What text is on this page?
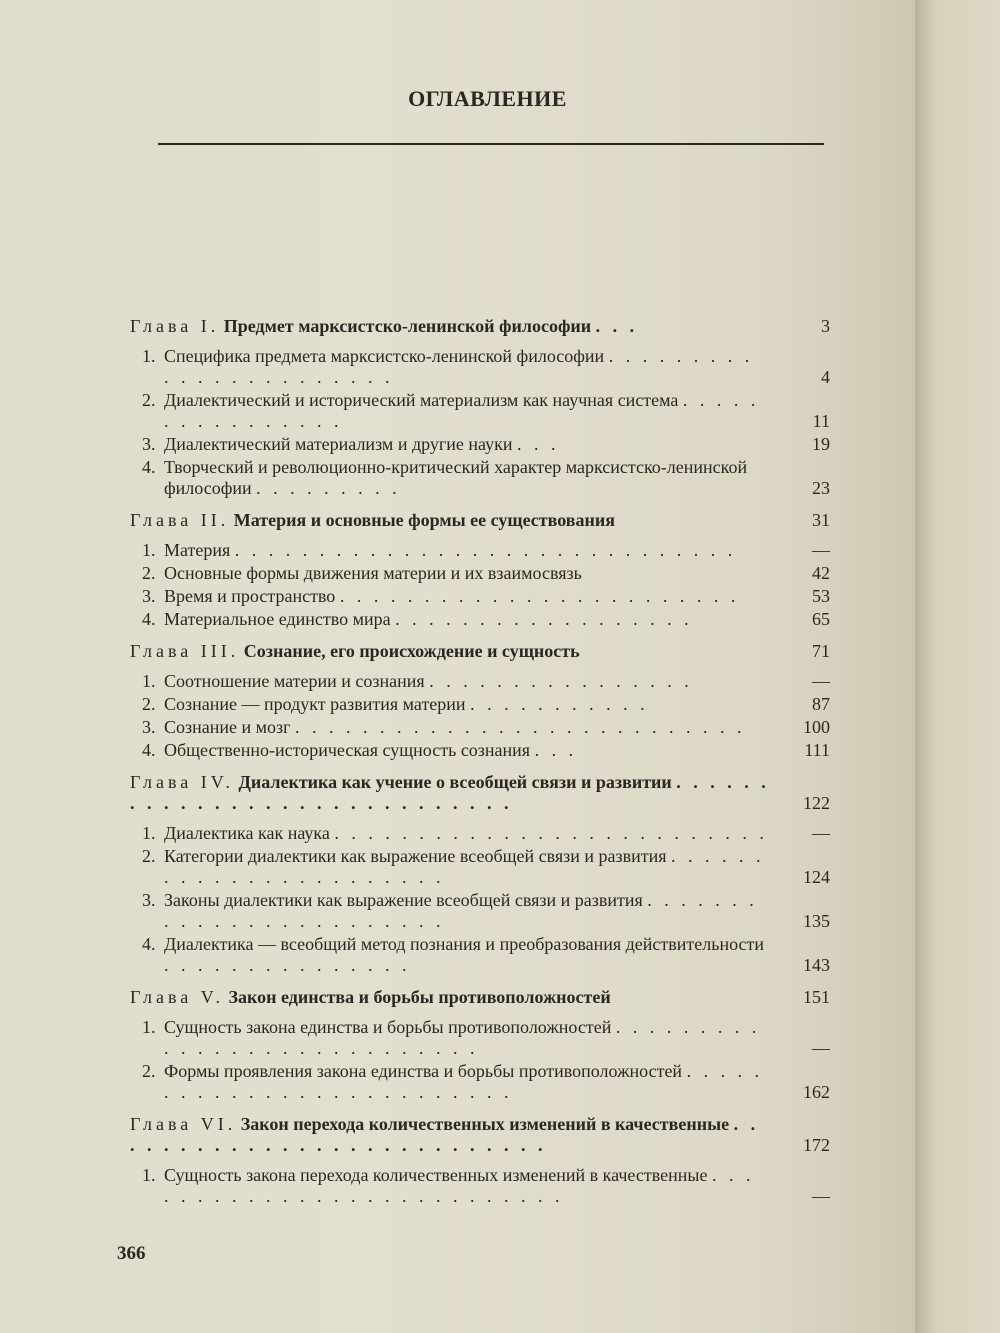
ОГЛАВЛЕНИЕ
Глава I. Предмет марксистско-ленинской философии . . .	3
1. Специфика предмета марксистско-ленинской философии . . . . . . . . . . . . . . . . . . . . . . .	4
2. Диалектический и исторический материализм как научная система . . . . . . . . . . . . . . . .	11
3. Диалектический материализм и другие науки . . .	19
4. Творческий и революционно-критический характер марксистско-ленинской философии . . . . . . . . .	23
Глава II. Материя и основные формы ее существования	31
1. Материя . . . . . . . . . . . . . . . . . . . . . . . . . . . . . .	—
2. Основные формы движения материи и их взаимосвязь	42
3. Время и пространство . . . . . . . . . . . . . . . . . . . . . . . .	53
4. Материальное единство мира . . . . . . . . . . . . . . . . . .	65
Глава III. Сознание, его происхождение и сущность	71
1. Соотношение материи и сознания . . . . . . . . . . . . . . . .	—
2. Сознание — продукт развития материи . . . . . . . . . . .	87
3. Сознание и мозг . . . . . . . . . . . . . . . . . . . . . . . . . . .	100
4. Общественно-историческая сущность сознания . . .	111
Глава IV. Диалектика как учение о всеобщей связи и развитии . . . . . . . . . . . . . . . . . . . . . . . . . . . . .	122
1. Диалектика как наука . . . . . . . . . . . . . . . . . . . . . . . . . .	—
2. Категории диалектики как выражение всеобщей связи и развития . . . . . . . . . . . . . . . . . . . . . . .	124
3. Законы диалектики как выражение всеобщей связи и развития . . . . . . . . . . . . . . . . . . . . . . . .	135
4. Диалектика — всеобщий метод познания и преобразования действительности . . . . . . . . . . . . . . .	143
Глава V. Закон единства и борьбы противоположностей	151
1. Сущность закона единства и борьбы противоположностей . . . . . . . . . . . . . . . . . . . . . . . . . . . .	—
2. Формы проявления закона единства и борьбы противоположностей . . . . . . . . . . . . . . . . . . . . . . . . . .	162
Глава VI. Закон перехода количественных изменений в качественные . . . . . . . . . . . . . . . . . . . . . . . . . . .	172
1. Сущность закона перехода количественных изменений в качественные . . . . . . . . . . . . . . . . . . . . . . . . . . .	—
366
